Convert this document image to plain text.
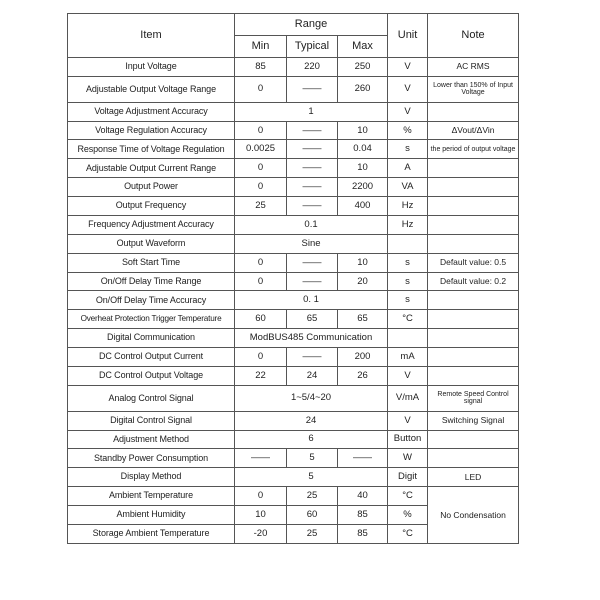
Item	Range			Unit	Note
	Min	Typical	Max		
Input Voltage	85	220	250	V	AC RMS
Adjustable Output Voltage Range	0	——	260	V	Lower than 150% of Input Voltage
Voltage Adjustment Accuracy	1			V	
Voltage Regulation Accuracy	0	——	10	%	ΔVout/ΔVin
Response Time of Voltage Regulation	0.0025	——	0.04	s	the period of output voltage
Adjustable Output Current Range	0	——	10	A	
Output Power	0	——	2200	VA	
Output Frequency	25	——	400	Hz	
Frequency Adjustment Accuracy	0.1			Hz	
Output Waveform	Sine				
Soft Start Time	0	——	10	s	Default value: 0.5
On/Off Delay Time Range	0	——	20	s	Default value: 0.2
On/Off Delay Time Accuracy	0. 1			s	
Overheat Protection Trigger Temperature	60	65	65	°C	
Digital Communication	ModBUS485 Communication				
DC Control Output Current	0	——	200	mA	
DC Control Output Voltage	22	24	26	V	
Analog Control Signal	1~5/4~20			V/mA	Remote Speed Control signal
Digital Control Signal	24			V	Switching Signal
Adjustment Method	6			Button	
Standby Power Consumption	——	5	——	W	
Display Method	5			Digit	LED
Ambient Temperature	0	25	40	°C	No Condensation
Ambient Humidity	10	60	85	%	
Storage Ambient Temperature	-20	25	85	°C	
